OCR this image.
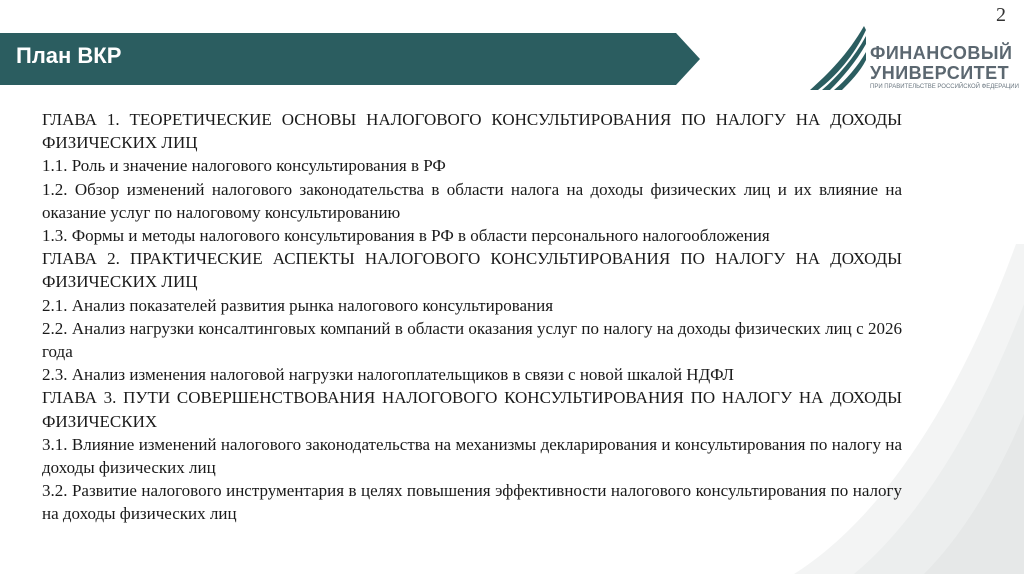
2
План ВКР	ФИНАНСОВЫЙ
УНИВЕРСИТЕТ
ПРИ ПРАВИТЕЛЬСТВЕ РОССИЙСКОЙ ФЕДЕРАЦИИ

ГЛАВА 1. ТЕОРЕТИЧЕСКИЕ ОСНОВЫ НАЛОГОВОГО КОНСУЛЬТИРОВАНИЯ ПО НАЛОГУ НА ДОХОДЫ ФИЗИЧЕСКИХ ЛИЦ

1.1. Роль и значение налогового консультирования в РФ

1.2. Обзор изменений налогового законодательства в области налога на доходы физических лиц и их влияние на оказание услуг по налоговому консультированию

1.3. Формы и методы налогового консультирования в РФ в области персонального налогообложения

ГЛАВА 2. ПРАКТИЧЕСКИЕ АСПЕКТЫ НАЛОГОВОГО КОНСУЛЬТИРОВАНИЯ ПО НАЛОГУ НА ДОХОДЫ ФИЗИЧЕСКИХ ЛИЦ

2.1. Анализ показателей развития рынка налогового консультирования

2.2. Анализ нагрузки консалтинговых компаний в области оказания услуг по налогу на доходы физических лиц с 2026 года

2.3. Анализ изменения налоговой нагрузки налогоплательщиков в связи с новой шкалой НДФЛ

ГЛАВА 3. ПУТИ СОВЕРШЕНСТВОВАНИЯ НАЛОГОВОГО КОНСУЛЬТИРОВАНИЯ ПО НАЛОГУ НА ДОХОДЫ ФИЗИЧЕСКИХ

3.1. Влияние изменений налогового законодательства на механизмы декларирования и консультирования по налогу на доходы физических лиц

3.2. Развитие налогового инструментария в целях повышения эффективности налогового консультирования по налогу на доходы физических лиц
